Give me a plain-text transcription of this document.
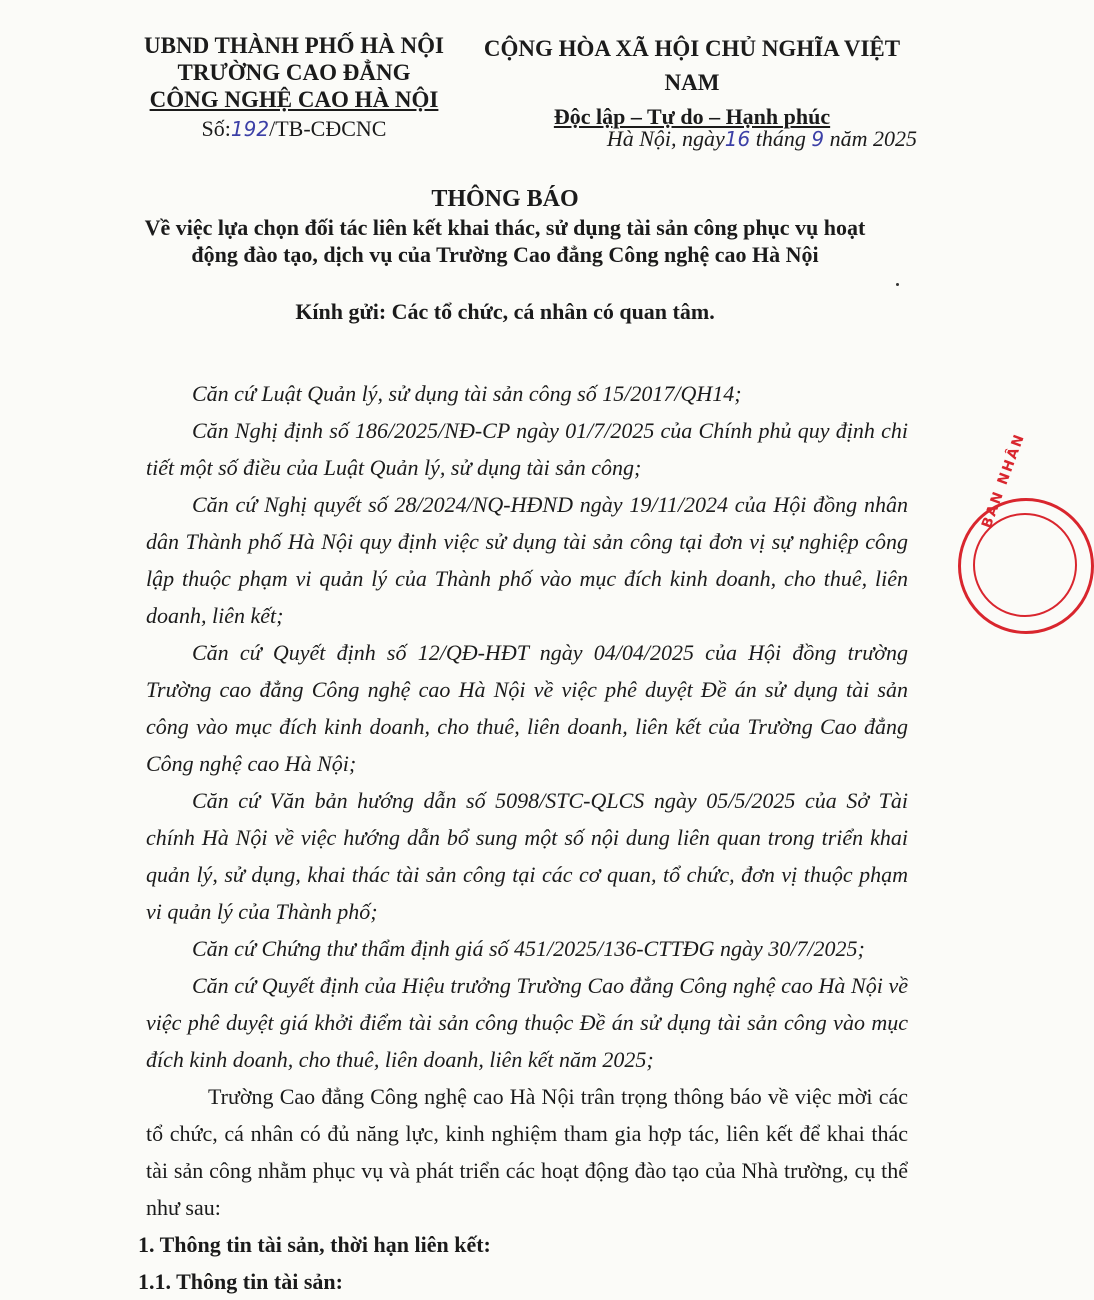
UBND THÀNH PHỐ HÀ NỘI
TRƯỜNG CAO ĐẲNG
CÔNG NGHỆ CAO HÀ NỘI
Số:192/TB-CĐCNC
CỘNG HÒA XÃ HỘI CHỦ NGHĨA VIỆT NAM
Độc lập – Tự do – Hạnh phúc
Hà Nội, ngày16 tháng 9 năm 2025
THÔNG BÁO
Về việc lựa chọn đối tác liên kết khai thác, sử dụng tài sản công phục vụ hoạt
động đào tạo, dịch vụ của Trường Cao đẳng Công nghệ cao Hà Nội
Kính gửi: Các tổ chức, cá nhân có quan tâm.

Căn cứ Luật Quản lý, sử dụng tài sản công số 15/2017/QH14;

Căn Nghị định số 186/2025/NĐ-CP ngày 01/7/2025 của Chính phủ quy định chi tiết một số điều của Luật Quản lý, sử dụng tài sản công;

Căn cứ Nghị quyết số 28/2024/NQ-HĐND ngày 19/11/2024 của Hội đồng nhân dân Thành phố Hà Nội quy định việc sử dụng tài sản công tại đơn vị sự nghiệp công lập thuộc phạm vi quản lý của Thành phố vào mục đích kinh doanh, cho thuê, liên doanh, liên kết;

Căn cứ Quyết định số 12/QĐ-HĐT ngày 04/04/2025 của Hội đồng trường Trường cao đẳng Công nghệ cao Hà Nội về việc phê duyệt Đề án sử dụng tài sản công vào mục đích kinh doanh, cho thuê, liên doanh, liên kết của Trường Cao đẳng Công nghệ cao Hà Nội;

Căn cứ Văn bản hướng dẫn số 5098/STC-QLCS ngày 05/5/2025 của Sở Tài chính Hà Nội về việc hướng dẫn bổ sung một số nội dung liên quan trong triển khai quản lý, sử dụng, khai thác tài sản công tại các cơ quan, tổ chức, đơn vị thuộc phạm vi quản lý của Thành phố;

Căn cứ Chứng thư thẩm định giá số 451/2025/136-CTTĐG ngày 30/7/2025;

Căn cứ Quyết định của Hiệu trưởng Trường Cao đẳng Công nghệ cao Hà Nội về việc phê duyệt giá khởi điểm tài sản công thuộc Đề án sử dụng tài sản công vào mục đích kinh doanh, cho thuê, liên doanh, liên kết năm 2025;

Trường Cao đẳng Công nghệ cao Hà Nội trân trọng thông báo về việc mời các tổ chức, cá nhân có đủ năng lực, kinh nghiệm tham gia hợp tác, liên kết để khai thác tài sản công nhằm phục vụ và phát triển các hoạt động đào tạo của Nhà trường, cụ thể như sau:

1. Thông tin tài sản, thời hạn liên kết:

1.1. Thông tin tài sản:

BAN NHÂN
